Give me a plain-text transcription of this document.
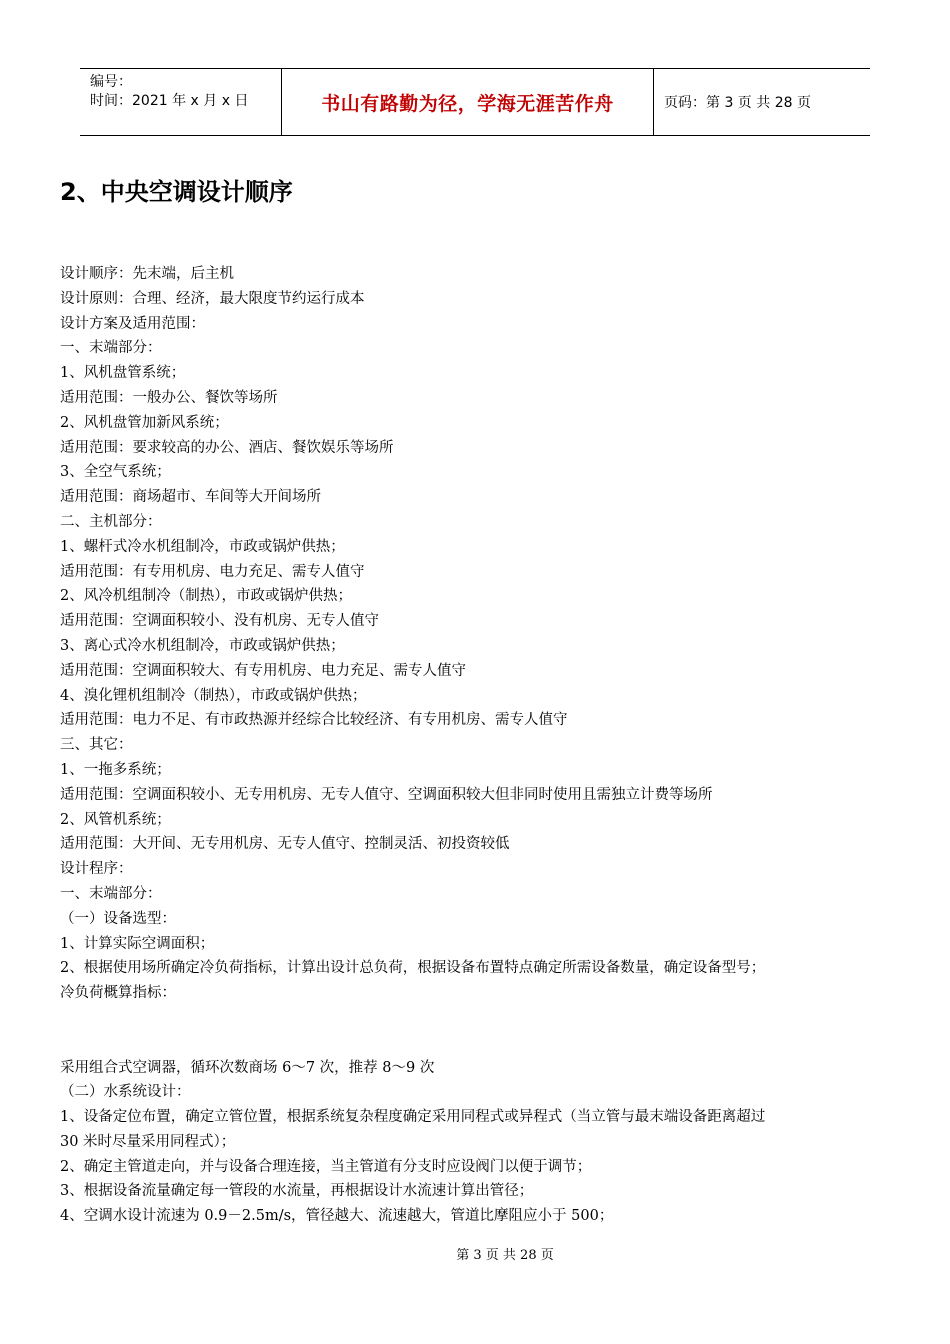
编号：
时间：2021 年 x 月 x 日	书山有路勤为径，学海无涯苦作舟	页码：第 3 页 共 28 页
2、中央空调设计顺序
设计顺序：先末端，后主机
设计原则：合理、经济，最大限度节约运行成本
设计方案及适用范围：
一、末端部分：
1、风机盘管系统；
适用范围：一般办公、餐饮等场所
2、风机盘管加新风系统；
适用范围：要求较高的办公、酒店、餐饮娱乐等场所
3、全空气系统；
适用范围：商场超市、车间等大开间场所
二、主机部分：
1、螺杆式冷水机组制冷，市政或锅炉供热；
适用范围：有专用机房、电力充足、需专人值守
2、风冷机组制冷（制热），市政或锅炉供热；
适用范围：空调面积较小、没有机房、无专人值守
3、离心式冷水机组制冷，市政或锅炉供热；
适用范围：空调面积较大、有专用机房、电力充足、需专人值守
4、溴化锂机组制冷（制热），市政或锅炉供热；
适用范围：电力不足、有市政热源并经综合比较经济、有专用机房、需专人值守
三、其它：
1、一拖多系统；
适用范围：空调面积较小、无专用机房、无专人值守、空调面积较大但非同时使用且需独立计费等场所
2、风管机系统；
适用范围：大开间、无专用机房、无专人值守、控制灵活、初投资较低
设计程序：
一、末端部分：
（一）设备选型：
1、计算实际空调面积；
2、根据使用场所确定冷负荷指标，计算出设计总负荷，根据设备布置特点确定所需设备数量，确定设备型号；
冷负荷概算指标：
采用组合式空调器，循环次数商场 6～7 次，推荐 8～9 次
（二）水系统设计：
1、设备定位布置，确定立管位置，根据系统复杂程度确定采用同程式或异程式（当立管与最末端设备距离超过
30 米时尽量采用同程式）；
2、确定主管道走向，并与设备合理连接，当主管道有分支时应设阀门以便于调节；
3、根据设备流量确定每一管段的水流量，再根据设计水流速计算出管径；
4、空调水设计流速为 0.9－2.5m/s，管径越大、流速越大，管道比摩阻应小于 500；
第 3 页 共 28 页
